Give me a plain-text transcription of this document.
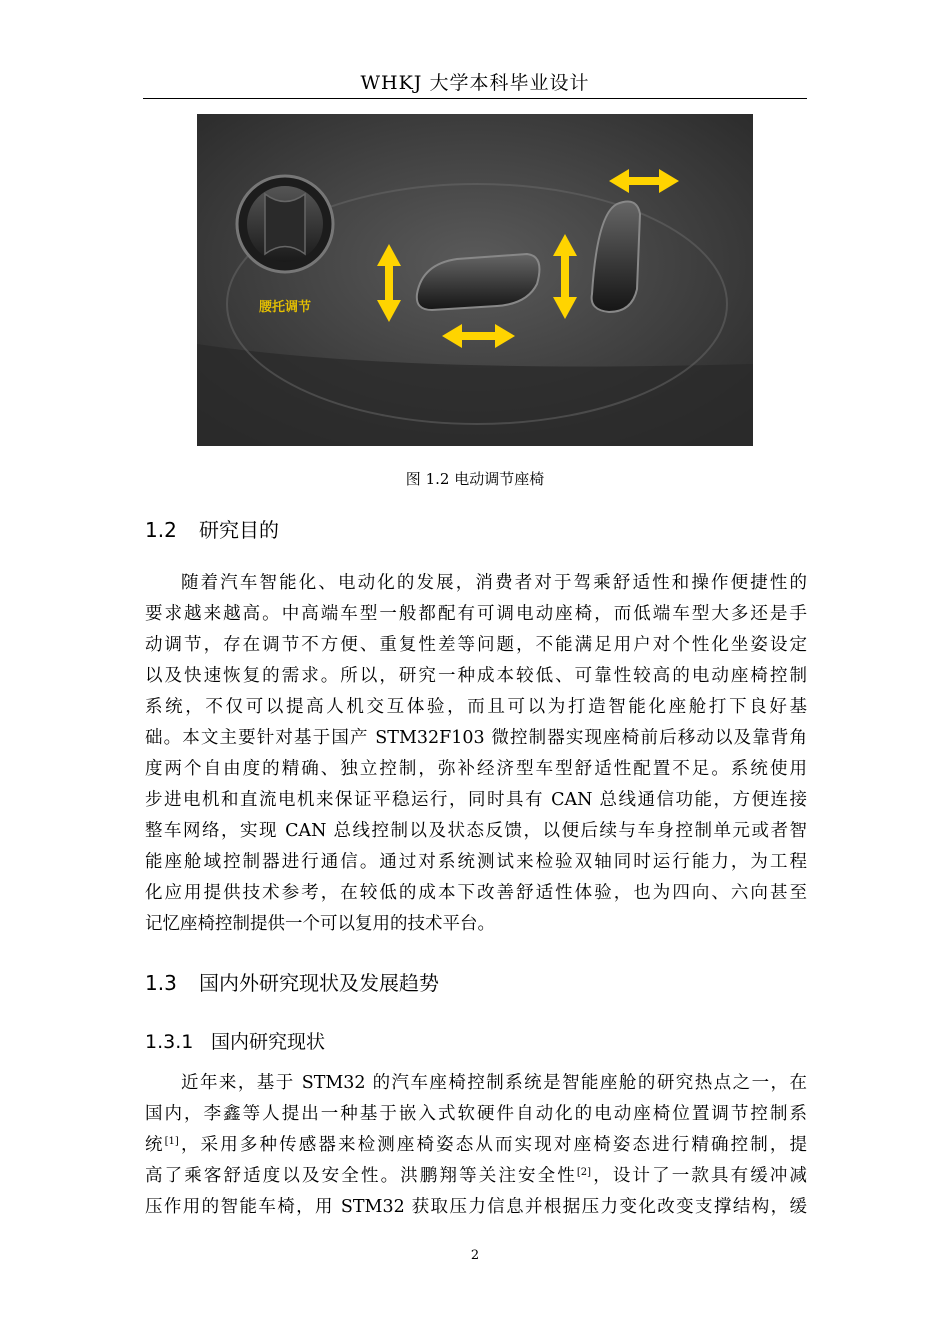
WHKJ 大学本科毕业设计
腰托调节
图 1.2 电动调节座椅
1.2 研究目的
随着汽车智能化、电动化的发展，消费者对于驾乘舒适性和操作便捷性的
要求越来越高。中高端车型一般都配有可调电动座椅，而低端车型大多还是手
动调节，存在调节不方便、重复性差等问题，不能满足用户对个性化坐姿设定
以及快速恢复的需求。所以，研究一种成本较低、可靠性较高的电动座椅控制
系统，不仅可以提高人机交互体验，而且可以为打造智能化座舱打下良好基
础。本文主要针对基于国产 STM32F103 微控制器实现座椅前后移动以及靠背角
度两个自由度的精确、独立控制，弥补经济型车型舒适性配置不足。系统使用
步进电机和直流电机来保证平稳运行，同时具有 CAN 总线通信功能，方便连接
整车网络，实现 CAN 总线控制以及状态反馈，以便后续与车身控制单元或者智
能座舱域控制器进行通信。通过对系统测试来检验双轴同时运行能力，为工程
化应用提供技术参考，在较低的成本下改善舒适性体验，也为四向、六向甚至
记忆座椅控制提供一个可以复用的技术平台。
1.3 国内外研究现状及发展趋势
1.3.1 国内研究现状
近年来，基于 STM32 的汽车座椅控制系统是智能座舱的研究热点之一，在
国内，李鑫等人提出一种基于嵌入式软硬件自动化的电动座椅位置调节控制系
统[1]，采用多种传感器来检测座椅姿态从而实现对座椅姿态进行精确控制，提
高了乘客舒适度以及安全性。洪鹏翔等关注安全性[2]，设计了一款具有缓冲减
压作用的智能车椅，用 STM32 获取压力信息并根据压力变化改变支撑结构，缓
2
